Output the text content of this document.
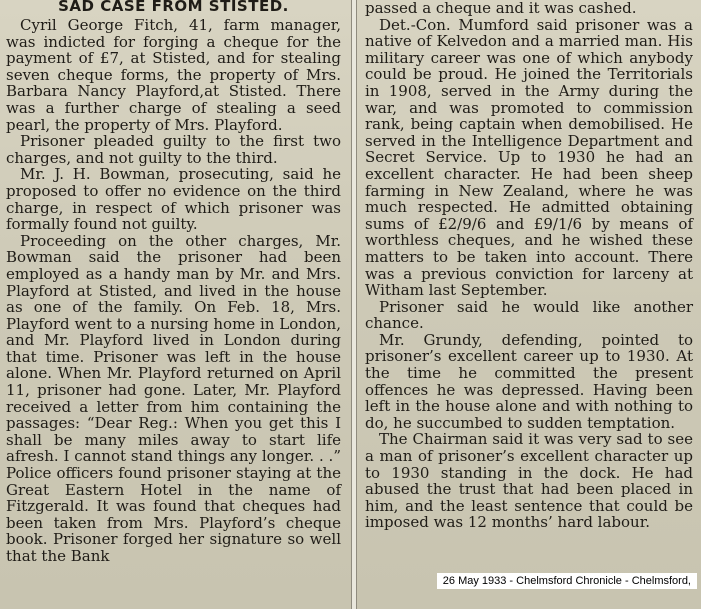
SAD CASE FROM STISTED.

Cyril George Fitch, 41, farm manager, was indicted for forging a cheque for the payment of £7, at Stisted, and for stealing seven cheque forms, the property of Mrs. Barbara Nancy Playford,at Stisted. There was a further charge of stealing a seed pearl, the property of Mrs. Playford.

Prisoner pleaded guilty to the first two charges, and not guilty to the third.

Mr. J. H. Bowman, prosecuting, said he proposed to offer no evidence on the third charge, in respect of which prisoner was formally found not guilty.

Proceeding on the other charges, Mr. Bowman said the prisoner had been employed as a handy man by Mr. and Mrs. Playford at Stisted, and lived in the house as one of the family. On Feb. 18, Mrs. Playford went to a nursing home in London, and Mr. Playford lived in London during that time. Prisoner was left in the house alone. When Mr. Playford returned on April 11, prisoner had gone. Later, Mr. Playford received a letter from him containing the passages: “Dear Reg.: When you get this I shall be many miles away to start life afresh. I cannot stand things any longer. . .” Police officers found prisoner staying at the Great Eastern Hotel in the name of Fitzgerald. It was found that cheques had been taken from Mrs. Playford’s cheque book. Prisoner forged her signature so well that the Bank

passed a cheque and it was cashed.

Det.-Con. Mumford said prisoner was a native of Kelvedon and a married man. His military career was one of which anybody could be proud. He joined the Territorials in 1908, served in the Army during the war, and was promoted to commission rank, being captain when demobilised. He served in the Intelligence Department and Secret Service. Up to 1930 he had an excellent character. He had been sheep farming in New Zealand, where he was much respected. He admitted obtaining sums of £2/9/6 and £9/1/6 by means of worthless cheques, and he wished these matters to be taken into account. There was a previous conviction for larceny at Witham last September.

Prisoner said he would like another chance.

Mr. Grundy, defending, pointed to prisoner’s excellent career up to 1930. At the time he committed the present offences he was depressed. Having been left in the house alone and with nothing to do, he succumbed to sudden temptation.

The Chairman said it was very sad to see a man of prisoner’s excellent character up to 1930 standing in the dock. He had abused the trust that had been placed in him, and the least sentence that could be imposed was 12 months’ hard labour.

26 May 1933 - Chelmsford Chronicle - Chelmsford,
